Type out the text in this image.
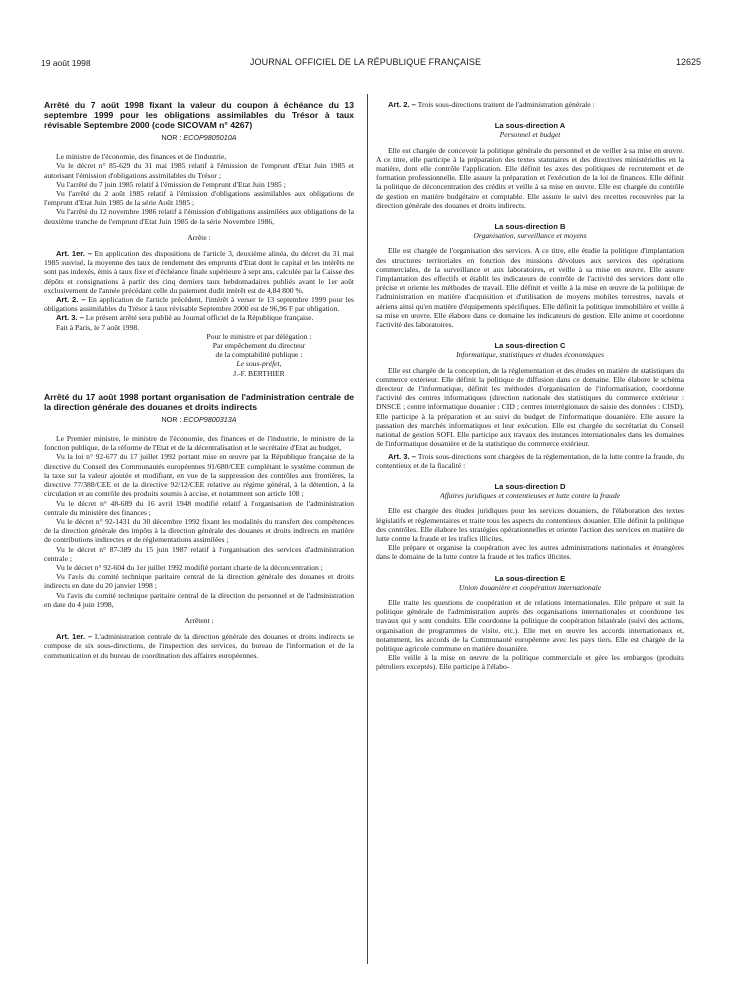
19 août 1998	JOURNAL OFFICIEL DE LA RÉPUBLIQUE FRANÇAISE	12625

Arrêté du 7 août 1998 fixant la valeur du coupon à échéance du 13 septembre 1999 pour les obligations assimilables du Trésor à taux révisable Septembre 2000 (code SICOVAM n° 4267)

NOR : ECOP9805010A

Le ministre de l'économie, des finances et de l'industrie,

Vu le décret n° 85-629 du 31 mai 1985 relatif à l'émission de l'emprunt d'Etat Juin 1985 et autorisant l'émission d'obligations assimilables du Trésor ;

Vu l'arrêté du 7 juin 1985 relatif à l'émission de l'emprunt d'Etat Juin 1985 ;

Vu l'arrêté du 2 août 1985 relatif à l'émission d'obligations assimilables aux obligations de l'emprunt d'Etat Juin 1985 de la série Août 1985 ;

Vu l'arrêté du 12 novembre 1986 relatif à l'émission d'obligations assimilées aux obligations de la deuxième tranche de l'emprunt d'Etat Juin 1985 de la série Novembre 1986,

Arrête :

Art. 1er. – En application des dispositions de l'article 3, deuxième alinéa, du décret du 31 mai 1985 susvisé, la moyenne des taux de rendement des emprunts d'Etat dont le capital et les intérêts ne sont pas indexés, émis à taux fixe et d'échéance finale supérieure à sept ans, calculée par la Caisse des dépôts et consignations à partir des cinq derniers taux hebdomadaires publiés avant le 1er août exclusivement de l'année précédant celle du paiement dudit intérêt est de 4,84 800 %.

Art. 2. – En application de l'article précédent, l'intérêt à verser le 13 septembre 1999 pour les obligations assimilables du Trésor à taux révisable Septembre 2000 est de 96,96 F par obligation.

Art. 3. – Le présent arrêté sera publié au Journal officiel de la République française.

Fait à Paris, le 7 août 1998.

Pour le ministre et par délégation :

Par empêchement du directeur

de la comptabilité publique :

Le sous-préfet,

J.-F. BERTHIER

Arrêté du 17 août 1998 portant organisation de l'administration centrale de la direction générale des douanes et droits indirects

NOR : ECOP9800313A

Le Premier ministre, le ministre de l'économie, des finances et de l'industrie, le ministre de la fonction publique, de la réforme de l'Etat et de la décentralisation et le secrétaire d'Etat au budget,

Vu la loi n° 92-677 du 17 juillet 1992 portant mise en œuvre par la République française de la directive du Conseil des Communautés européennes 91/680/CEE complétant le système commun de la taxe sur la valeur ajoutée et modifiant, en vue de la suppression des contrôles aux frontières, la directive 77/388/CEE et de la directive 92/12/CEE relative au régime général, à la détention, à la circulation et au contrôle des produits soumis à accise, et notamment son article 108 ;

Vu le décret n° 48-689 du 16 avril 1948 modifié relatif à l'organisation de l'administration centrale du ministère des finances ;

Vu le décret n° 92-1431 du 30 décembre 1992 fixant les modalités du transfert des compétences de la direction générale des impôts à la direction générale des douanes et droits indirects en matière de contributions indirectes et de réglementations assimilées ;

Vu le décret n° 87-389 du 15 juin 1987 relatif à l'organisation des services d'administration centrale ;

Vu le décret n° 92-604 du 1er juillet 1992 modifié portant charte de la déconcentration ;

Vu l'avis du comité technique paritaire central de la direction générale des douanes et droits indirects en date du 20 janvier 1998 ;

Vu l'avis du comité technique paritaire central de la direction du personnel et de l'administration en date du 4 juin 1998,

Arrêtent :

Art. 1er. – L'administration centrale de la direction générale des douanes et droits indirects se compose de six sous-directions, de l'inspection des services, du bureau de l'information et de la communication et du bureau de coordination des affaires européennes.

Art. 2. – Trois sous-directions traitent de l'administration générale :

La sous-direction A

Personnel et budget

Elle est chargée de concevoir la politique générale du personnel et de veiller à sa mise en œuvre. A ce titre, elle participe à la préparation des textes statutaires et des directives ministérielles en la matière, dont elle contrôle l'application. Elle définit les axes des politiques de recrutement et de formation professionnelle. Elle assure la préparation et l'exécution de la loi de finances. Elle définit la politique de déconcentration des crédits et veille à sa mise en œuvre. Elle est chargée du contrôle de gestion en matière budgétaire et comptable. Elle assure le suivi des recettes recouvrées par la direction générale des douanes et droits indirects.

La sous-direction B

Organisation, surveillance et moyens

Elle est chargée de l'organisation des services. A ce titre, elle étudie la politique d'implantation des structures territoriales en fonction des missions dévolues aux services des opérations commerciales, de la surveillance et aux laboratoires, et veille à sa mise en œuvre. Elle assure l'implantation des effectifs et établit les indicateurs de contrôle de l'activité des services dont elle précise et oriente les méthodes de travail. Elle définit et veille à la mise en œuvre de la politique de l'administration en matière d'acquisition et d'utilisation de moyens mobiles terrestres, navals et aériens ainsi qu'en matière d'équipements spécifiques. Elle définit la politique immobilière et veille à sa mise en œuvre. Elle élabore dans ce domaine les indicateurs de gestion. Elle anime et coordonne l'activité des laboratoires.

La sous-direction C

Informatique, statistiques et études économiques

Elle est chargée de la conception, de la réglementation et des études en matière de statistiques du commerce extérieur. Elle définit la politique de diffusion dans ce domaine. Elle élabore le schéma directeur de l'informatique, définit les méthodes d'organisation de l'informatisation, coordonne l'activité des centres informatiques (direction nationale des statistiques du commerce extérieur : DNSCE ; centre informatique douanier : CID ; centres interrégionaux de saisie des données : CISD). Elle participe à la préparation et au suivi du budget de l'informatique douanière. Elle assure la passation des marchés informatiques et leur exécution. Elle est chargée du secrétariat du Conseil national de gestion SOFI. Elle participe aux travaux des instances internationales dans les domaines de l'informatique douanière et de la statistique du commerce extérieur.

Art. 3. – Trois sous-directions sont chargées de la réglementation, de la lutte contre la fraude, du contentieux et de la fiscalité :

La sous-direction D

Affaires juridiques et contentieuses et lutte contre la fraude

Elle est chargée des études juridiques pour les services douaniers, de l'élaboration des textes législatifs et réglementaires et traite tous les aspects du contentieux douanier. Elle définit la politique des contrôles. Elle élabore les stratégies opérationnelles et oriente l'action des services en matière de lutte contre la fraude et les trafics illicites.

Elle prépare et organise la coopération avec les autres administrations nationales et étrangères dans le domaine de la lutte contre la fraude et les trafics illicites.

La sous-direction E

Union douanière et coopération internationale

Elle traite les questions de coopération et de relations internationales. Elle prépare et suit la politique générale de l'administration auprès des organisations internationales et coordonne les travaux qui y sont conduits. Elle coordonne la politique de coopération bilatérale (suivi des actions, organisation de programmes de visite, etc.). Elle met en œuvre les accords internationaux et, notamment, les accords de la Communauté européenne avec les pays tiers. Elle est chargée de la politique agricole commune en matière douanière.

Elle veille à la mise en œuvre de la politique commerciale et gère les embargos (produits pétroliers exceptés). Elle participe à l'élabo-
